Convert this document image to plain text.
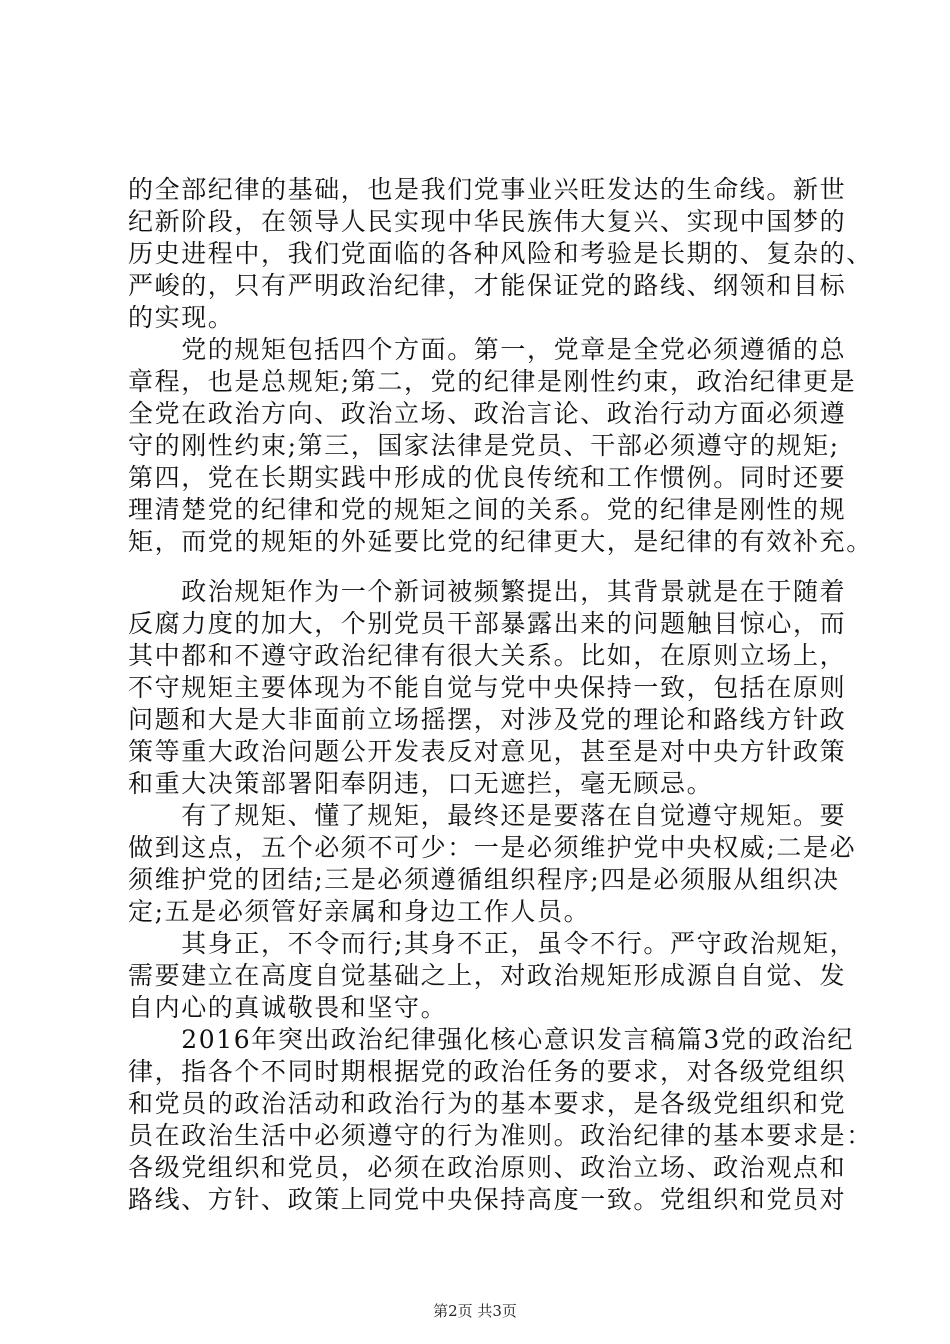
的全部纪律的基础，也是我们党事业兴旺发达的生命线。新世
纪新阶段，在领导人民实现中华民族伟大复兴、实现中国梦的
历史进程中，我们党面临的各种风险和考验是长期的、复杂的、
严峻的，只有严明政治纪律，才能保证党的路线、纲领和目标
的实现。
　　党的规矩包括四个方面。第一，党章是全党必须遵循的总
章程，也是总规矩;第二，党的纪律是刚性约束，政治纪律更是
全党在政治方向、政治立场、政治言论、政治行动方面必须遵
守的刚性约束;第三，国家法律是党员、干部必须遵守的规矩;
第四，党在长期实践中形成的优良传统和工作惯例。同时还要
理清楚党的纪律和党的规矩之间的关系。党的纪律是刚性的规
矩，而党的规矩的外延要比党的纪律更大，是纪律的有效补充。
　　政治规矩作为一个新词被频繁提出，其背景就是在于随着
反腐力度的加大，个别党员干部暴露出来的问题触目惊心，而
其中都和不遵守政治纪律有很大关系。比如，在原则立场上，
不守规矩主要体现为不能自觉与党中央保持一致，包括在原则
问题和大是大非面前立场摇摆，对涉及党的理论和路线方针政
策等重大政治问题公开发表反对意见，甚至是对中央方针政策
和重大决策部署阳奉阴违，口无遮拦，毫无顾忌。
　　有了规矩、懂了规矩，最终还是要落在自觉遵守规矩。要
做到这点，五个必须不可少：一是必须维护党中央权威;二是必
须维护党的团结;三是必须遵循组织程序;四是必须服从组织决
定;五是必须管好亲属和身边工作人员。
　　其身正，不令而行;其身不正，虽令不行。严守政治规矩，
需要建立在高度自觉基础之上，对政治规矩形成源自自觉、发
自内心的真诚敬畏和坚守。
　　2016年突出政治纪律强化核心意识发言稿篇3党的政治纪
律，指各个不同时期根据党的政治任务的要求，对各级党组织
和党员的政治活动和政治行为的基本要求，是各级党组织和党
员在政治生活中必须遵守的行为准则。政治纪律的基本要求是：
各级党组织和党员，必须在政治原则、政治立场、政治观点和
路线、方针、政策上同党中央保持高度一致。党组织和党员对
第2页 共3页
